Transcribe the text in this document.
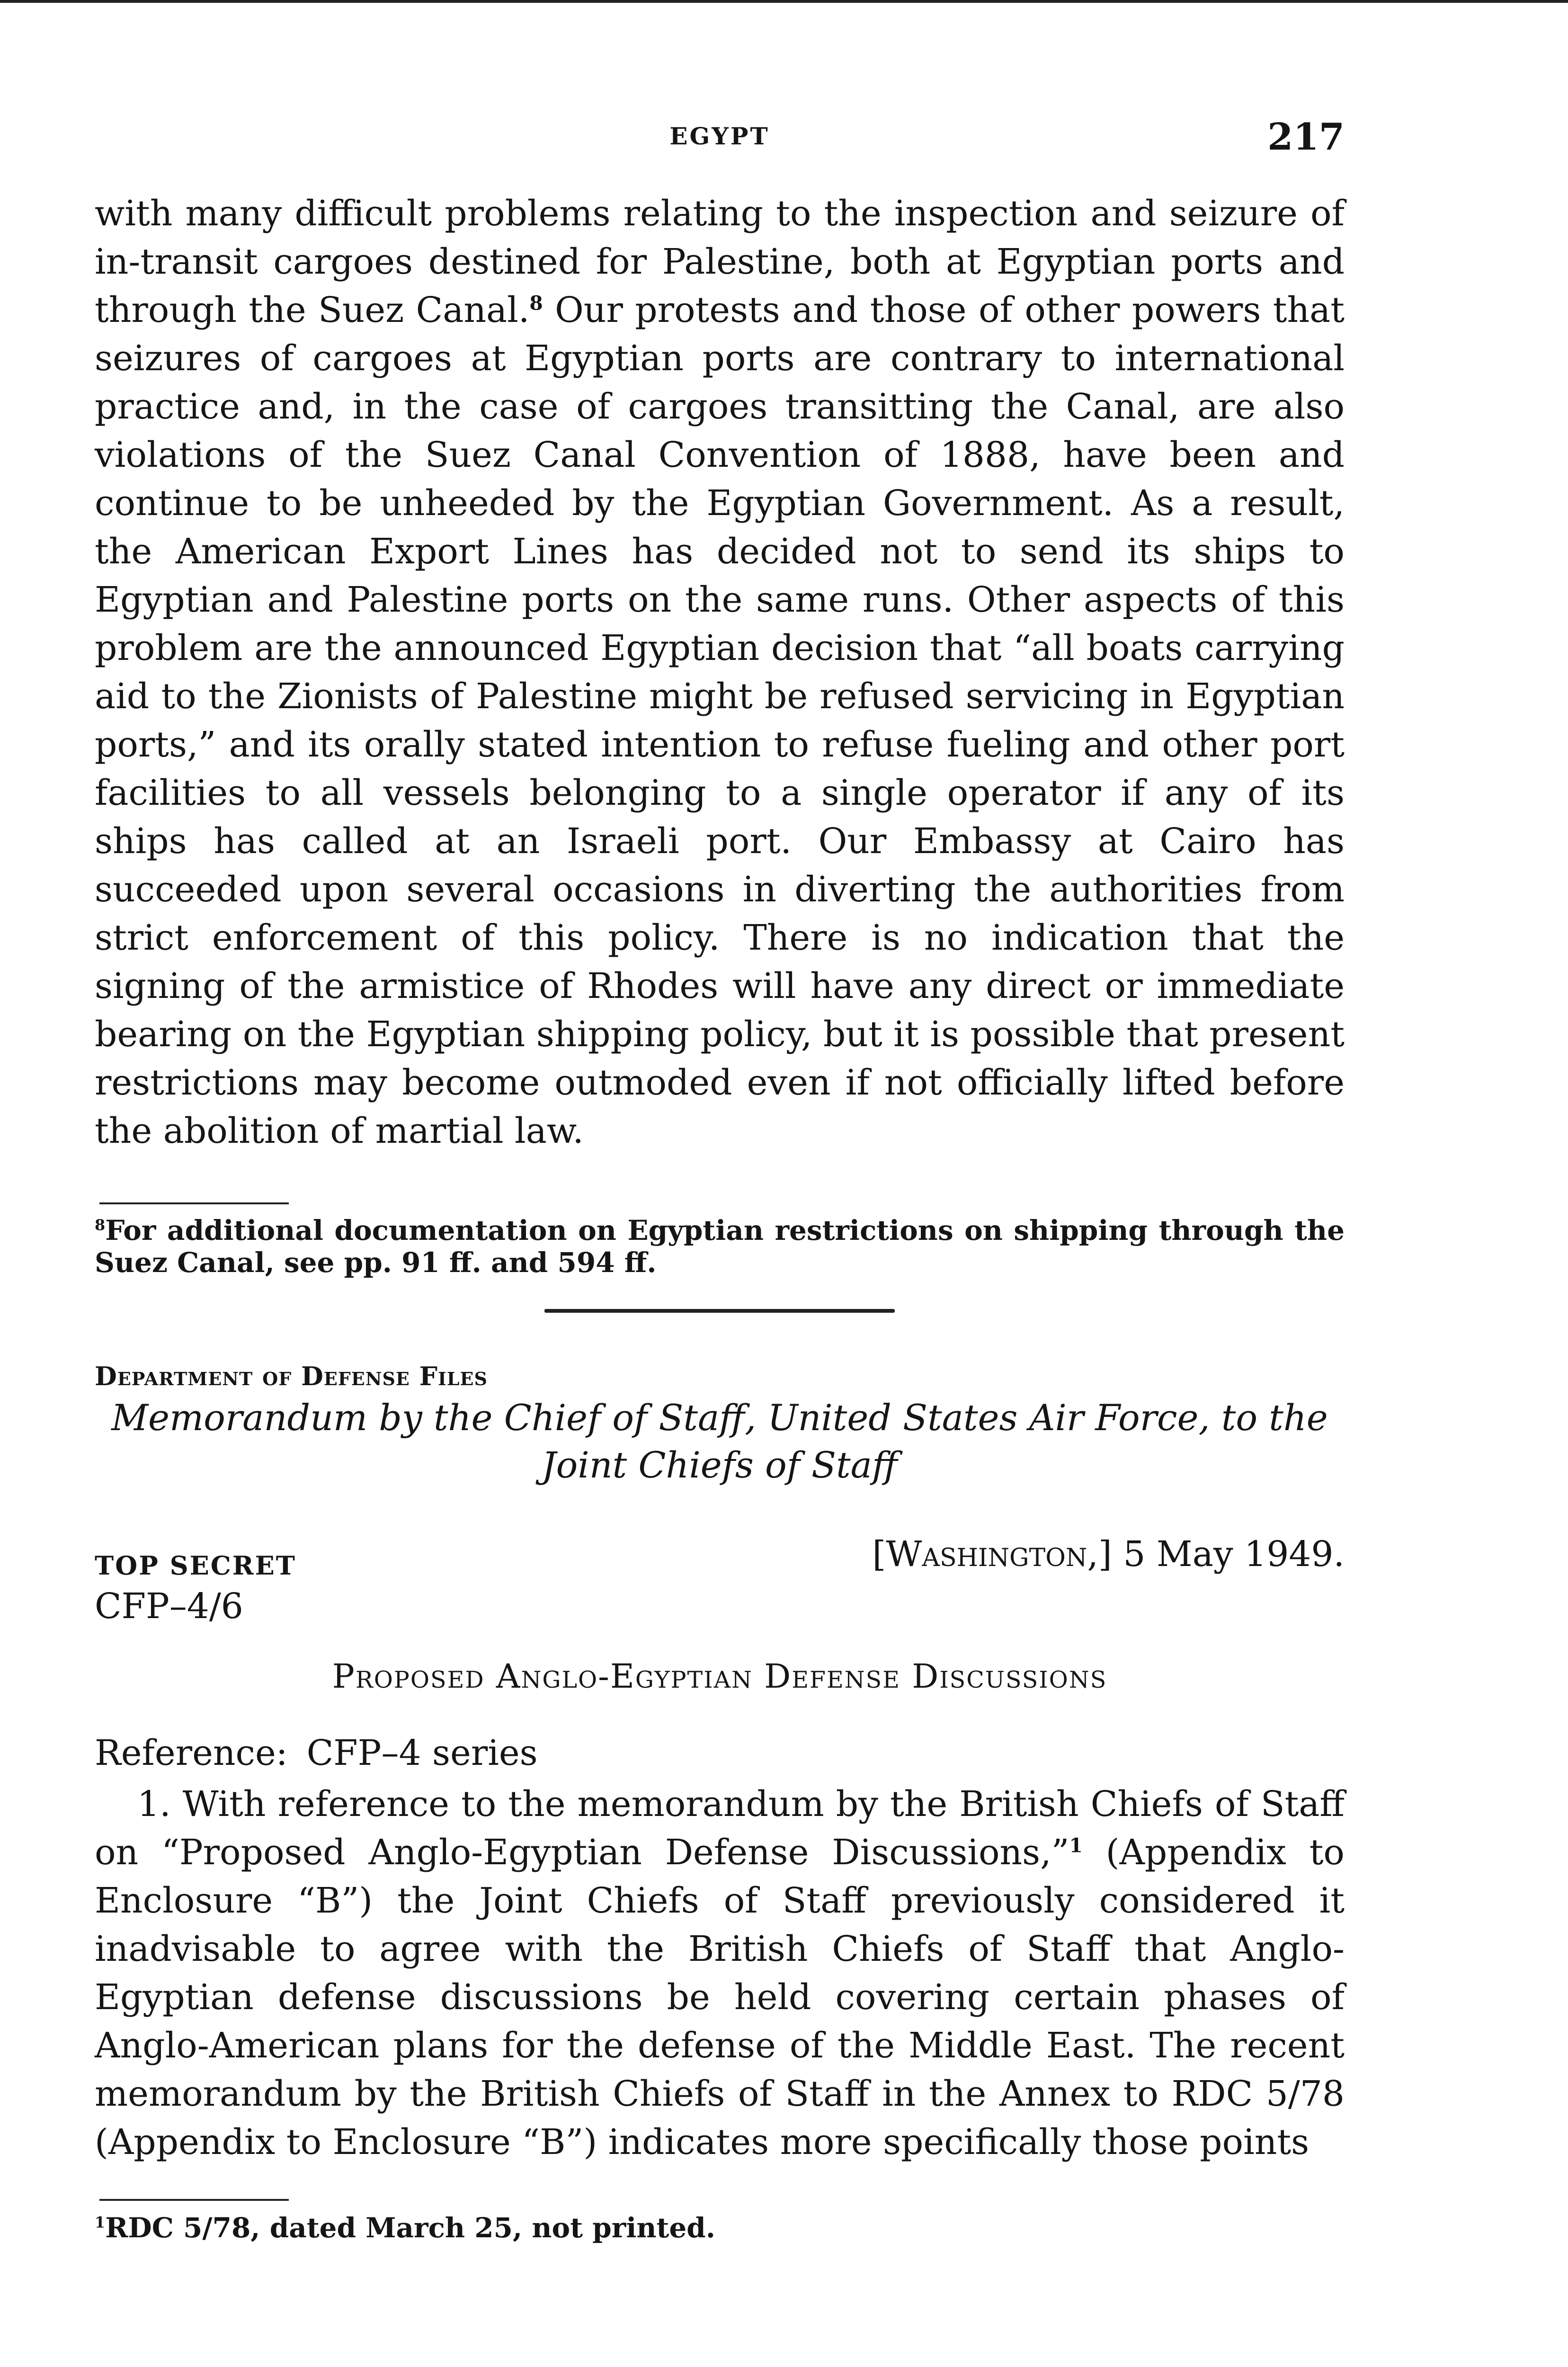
EGYPT	217

with many difficult problems relating to the inspection and seizure of in-transit cargoes destined for Palestine, both at Egyptian ports and through the Suez Canal.$^8$ Our protests and those of other powers that seizures of cargoes at Egyptian ports are contrary to international practice and, in the case of cargoes transitting the Canal, are also violations of the Suez Canal Convention of 1888, have been and continue to be unheeded by the Egyptian Government. As a result, the American Export Lines has decided not to send its ships to Egyptian and Palestine ports on the same runs. Other aspects of this problem are the announced Egyptian decision that “all boats carrying aid to the Zionists of Palestine might be refused servicing in Egyptian ports,” and its orally stated intention to refuse fueling and other port facilities to all vessels belonging to a single operator if any of its ships has called at an Israeli port. Our Embassy at Cairo has succeeded upon several occasions in diverting the authorities from strict enforcement of this policy. There is no indication that the signing of the armistice of Rhodes will have any direct or immediate bearing on the Egyptian shipping policy, but it is possible that present restrictions may become outmoded even if not officially lifted before the abolition of martial law.

$^8$For additional documentation on Egyptian restrictions on shipping through the Suez Canal, see pp. 91 ff. and 594 ff.

Department of Defense Files
Memorandum by the Chief of Staff, United States Air Force, to the
Joint Chiefs of Staff
TOP SECRET	[Washington,] 5 May 1949.
CFP–4/6
Proposed Anglo-Egyptian Defense Discussions
Reference: CFP–4 series

1. With reference to the memorandum by the British Chiefs of Staff on “Proposed Anglo-Egyptian Defense Discussions,”$^1$ (Appendix to Enclosure “B”) the Joint Chiefs of Staff previously considered it inadvisable to agree with the British Chiefs of Staff that Anglo-Egyptian defense discussions be held covering certain phases of Anglo-American plans for the defense of the Middle East. The recent memorandum by the British Chiefs of Staff in the Annex to RDC 5/78 (Appendix to Enclosure “B”) indicates more specifically those points

$^1$RDC 5/78, dated March 25, not printed.
